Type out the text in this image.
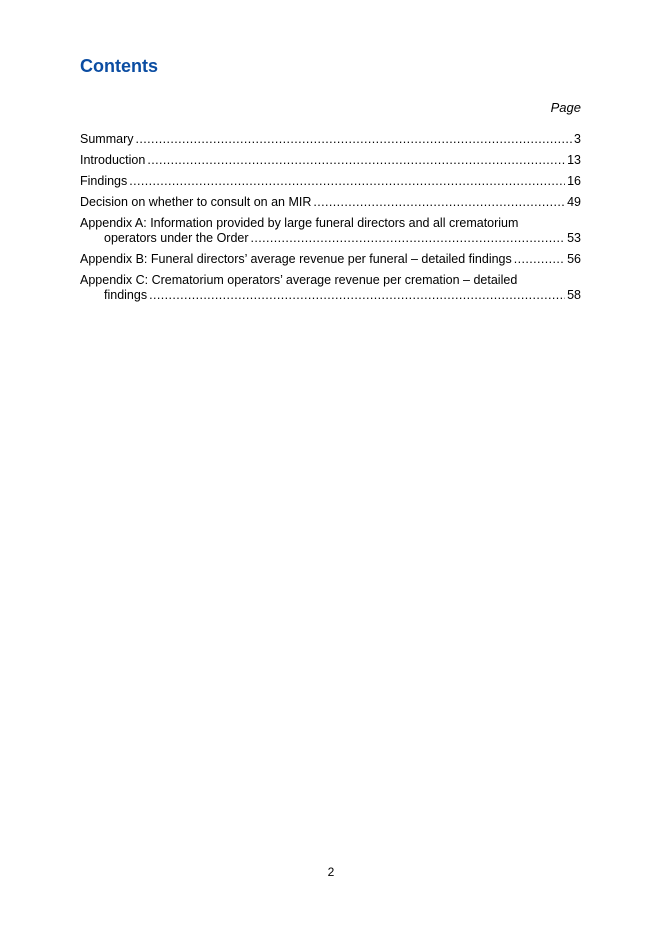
Contents
Page
Summary .....	3
Introduction .....	13
Findings .....	16
Decision on whether to consult on an MIR .....	49
Appendix A: Information provided by large funeral directors and all crematorium
operators under the Order .....	53
Appendix B: Funeral directors’ average revenue per funeral – detailed findings .....	56
Appendix C: Crematorium operators’ average revenue per cremation – detailed
findings .....	58
2
